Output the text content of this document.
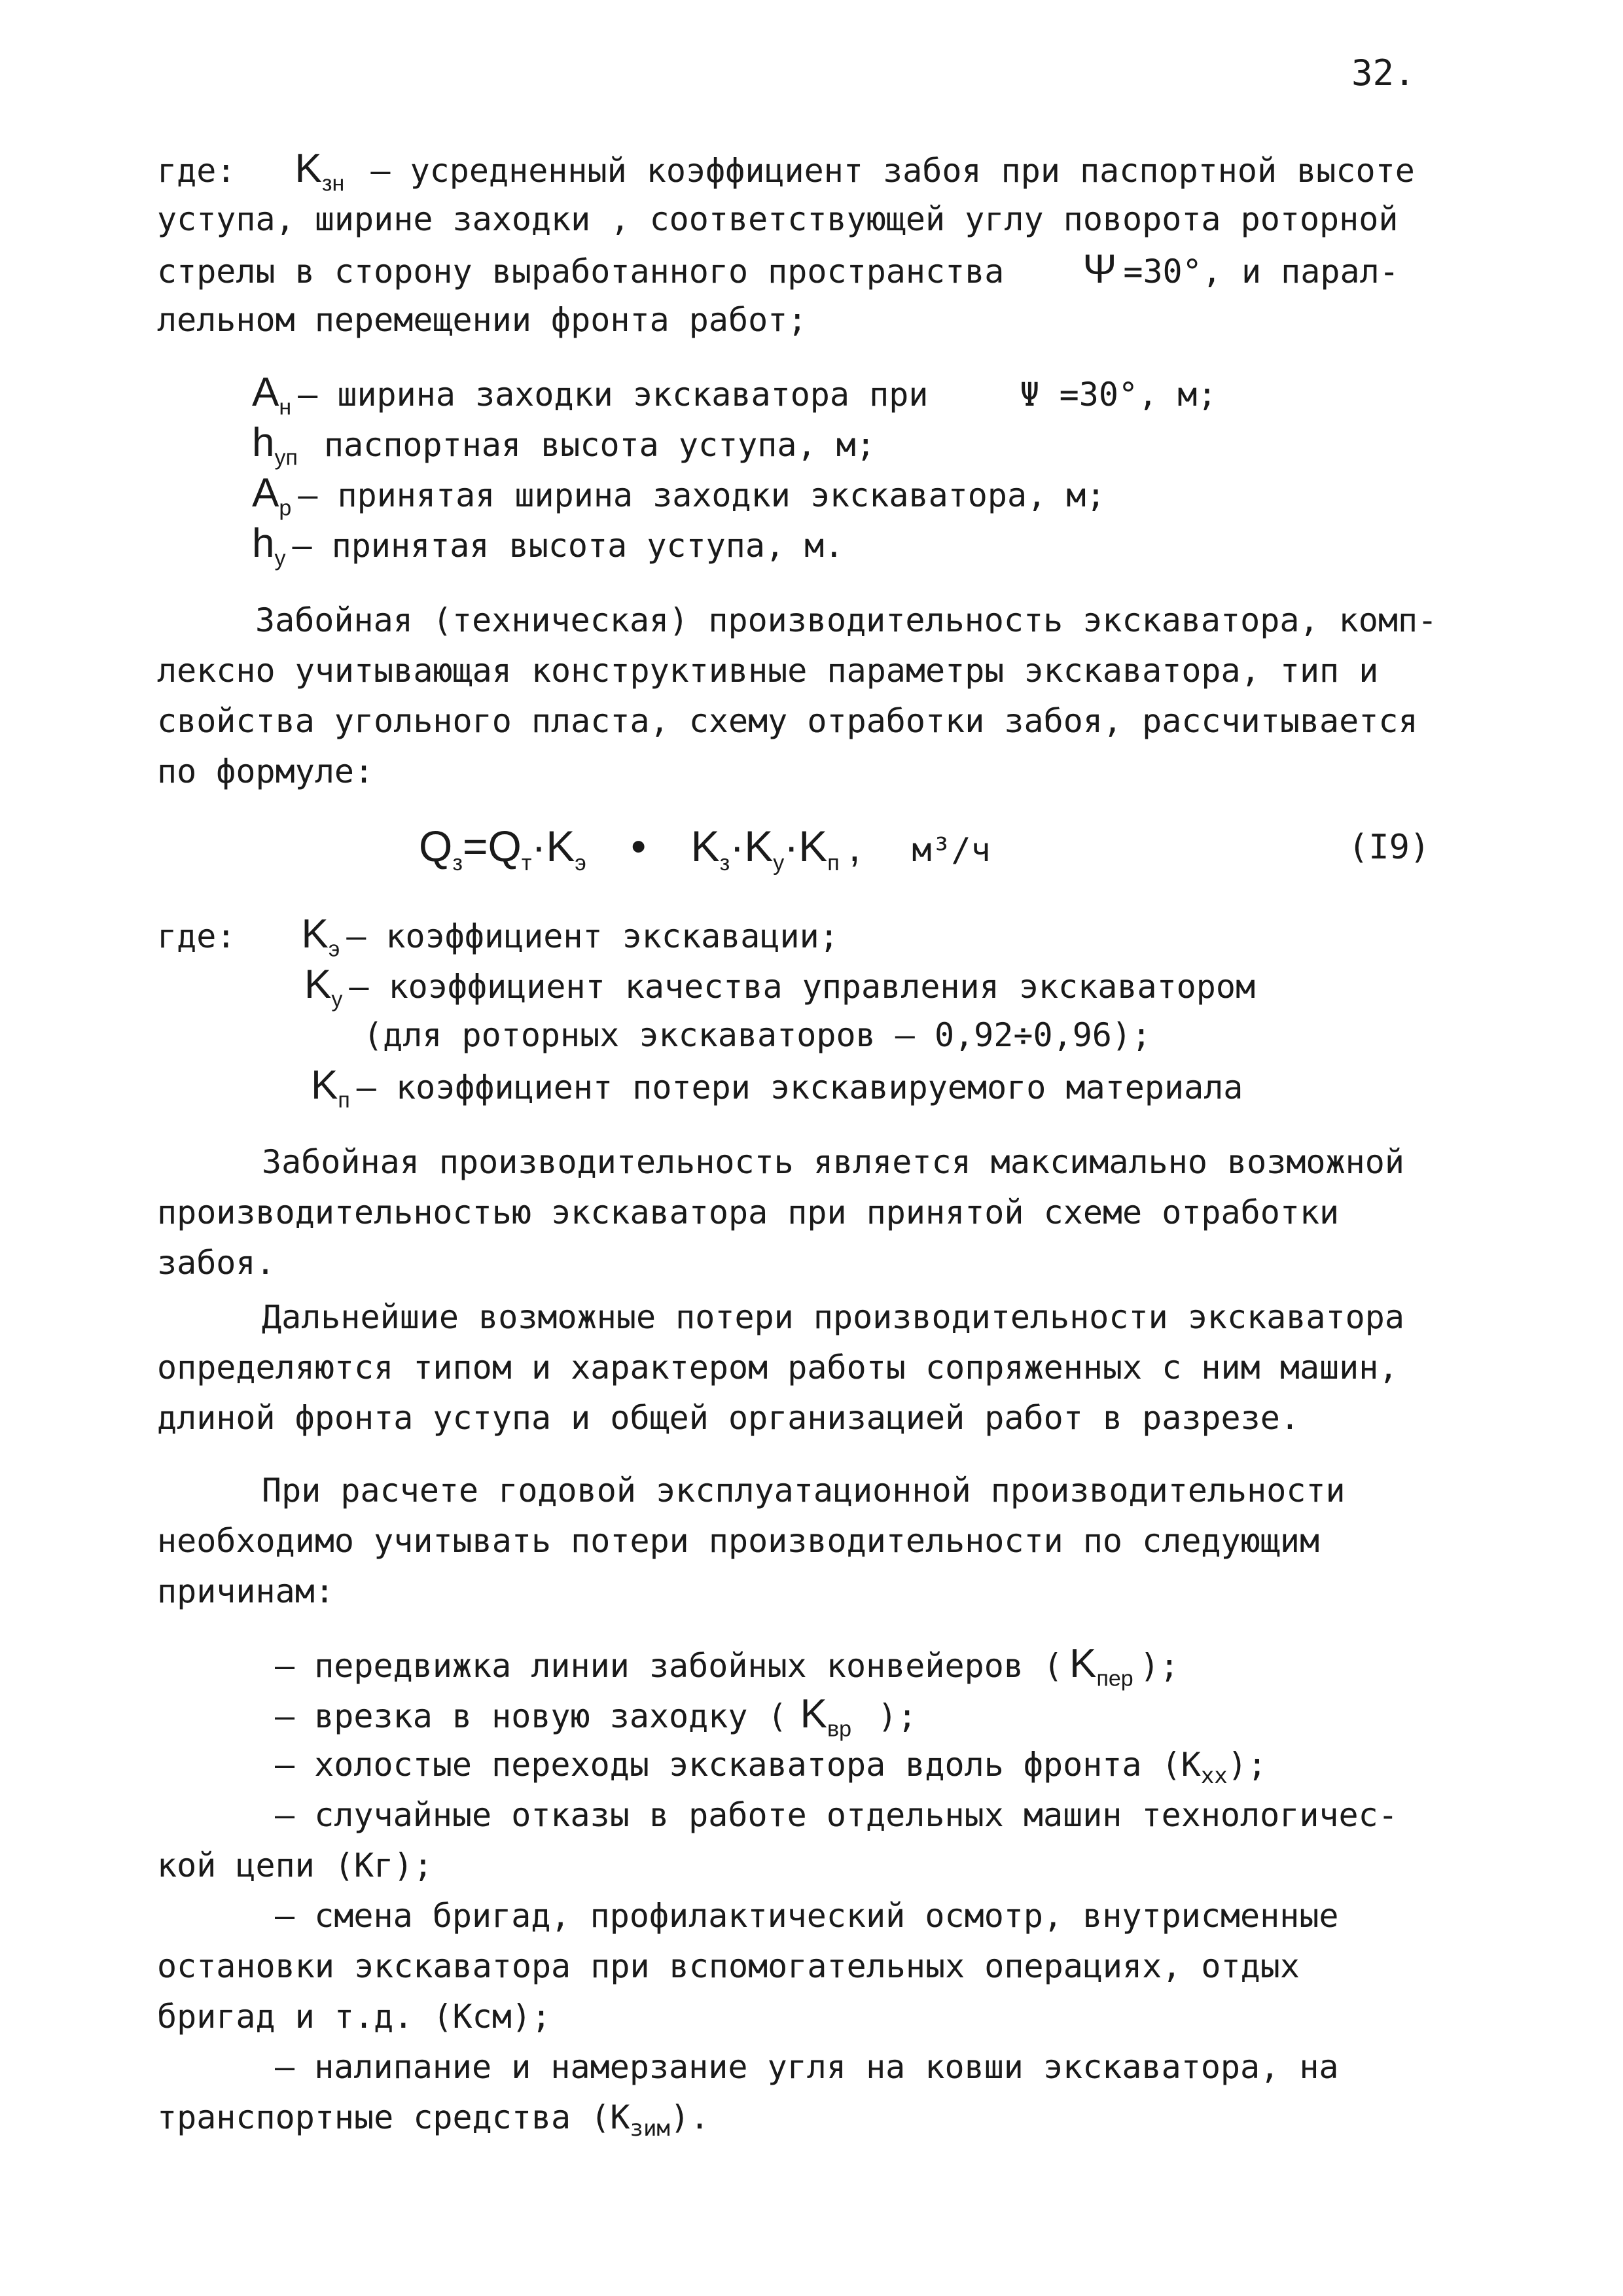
32.
где: $K_{зн}$ – усредненный коэффициент забоя при паспортной высоте
уступа, ширине заходки , соответствующей углу поворота роторной
стрелы в сторону выработанного пространства Ψ =30°, и парал-
лельном перемещении фронта работ;
$A_н$ – ширина заходки экскаватора при	Ψ =30°, м;
$h_{уп}$ паспортная высота уступа, м;
$A_р$ – принятая ширина заходки экскаватора, м;
$h_у$ – принятая высота уступа, м.
Забойная (техническая) производительность экскаватора, комп-
лексно учитывающая конструктивные параметры экскаватора, тип и
свойства угольного пласта, схему отработки забоя, рассчитывается
по формуле:
$Q_з=Q_т\cdot K_э$ • $K_з\cdot K_у\cdot K_п$ , м³/ч	(I9)
где: $K_э$ – коэффициент экскавации;
$K_у$ – коэффициент качества управления экскаватором
(для роторных экскаваторов – 0,92÷0,96);
$K_п$ – коэффициент потери экскавируемого материала
Забойная производительность является максимально возможной
производительностью экскаватора при принятой схеме отработки
забоя.
Дальнейшие возможные потери производительности экскаватора
определяются типом и характером работы сопряженных с ним машин,
длиной фронта уступа и общей организацией работ в разрезе.
При расчете годовой эксплуатационной производительности
необходимо учитывать потери производительности по следующим
причинам:
– передвижка линии забойных конвейеров ( $K_{пер}$ );
– врезка в новую заходку ( $K_{вр}$ );
– холостые переходы экскаватора вдоль фронта $(K_{хх})$;
– случайные отказы в работе отдельных машин технологичес-
кой цепи (Кг);
– смена бригад, профилактический осмотр, внутрисменные
остановки экскаватора при вспомогательных операциях, отдых
бригад и т.д. (Ксм);
– налипание и намерзание угля на ковши экскаватора, на
транспортные средства $(K_{зим})$.
